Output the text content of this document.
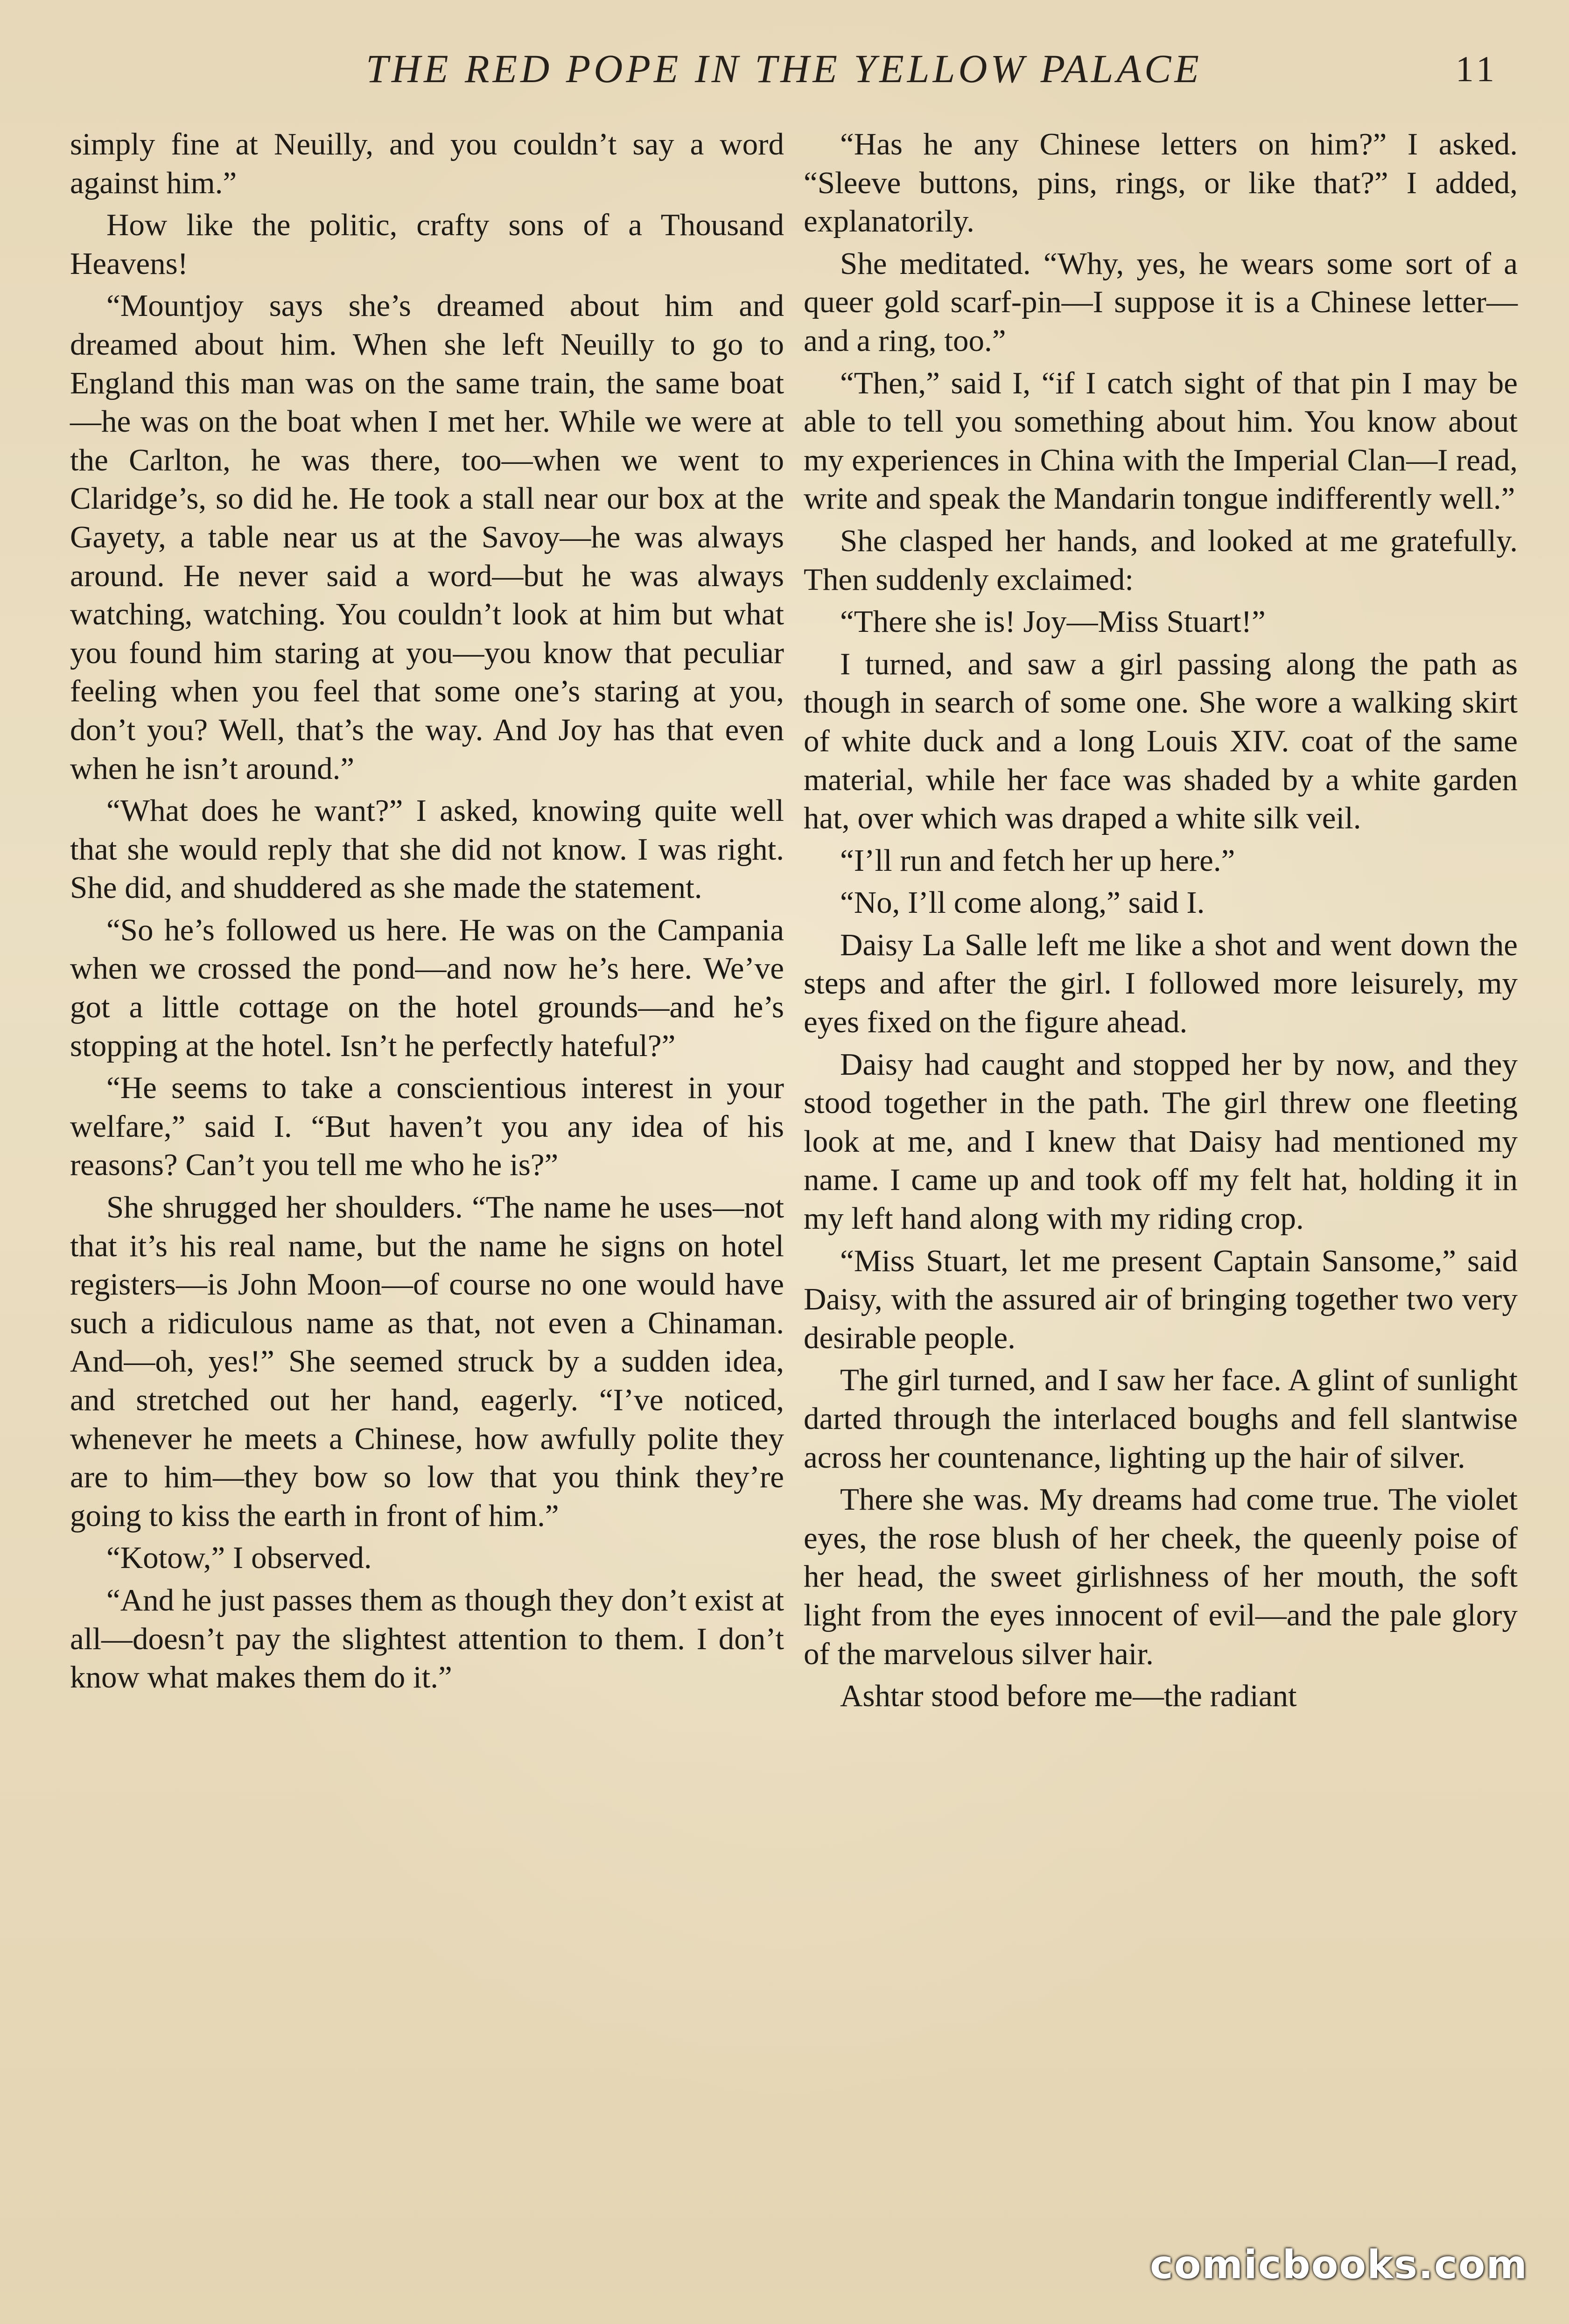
THE RED POPE IN THE YELLOW PALACE	11

simply fine at Neuilly, and you couldn’t say a word against him.”

How like the politic, crafty sons of a Thousand Heavens!

“Mountjoy says she’s dreamed about him and dreamed about him. When she left Neuilly to go to England this man was on the same train, the same boat—he was on the boat when I met her. While we were at the Carlton, he was there, too—when we went to Claridge’s, so did he. He took a stall near our box at the Gayety, a table near us at the Savoy—he was always around. He never said a word—but he was always watching, watching. You couldn’t look at him but what you found him staring at you—you know that peculiar feeling when you feel that some one’s staring at you, don’t you? Well, that’s the way. And Joy has that even when he isn’t around.”

“What does he want?” I asked, knowing quite well that she would reply that she did not know. I was right. She did, and shuddered as she made the statement.

“So he’s followed us here. He was on the Campania when we crossed the pond—and now he’s here. We’ve got a little cottage on the hotel grounds—and he’s stopping at the hotel. Isn’t he perfectly hateful?”

“He seems to take a conscientious interest in your welfare,” said I. “But haven’t you any idea of his reasons? Can’t you tell me who he is?”

She shrugged her shoulders. “The name he uses—not that it’s his real name, but the name he signs on hotel registers—is John Moon—of course no one would have such a ridiculous name as that, not even a Chinaman. And—oh, yes!” She seemed struck by a sudden idea, and stretched out her hand, eagerly. “I’ve noticed, whenever he meets a Chinese, how awfully polite they are to him—they bow so low that you think they’re going to kiss the earth in front of him.”

“Kotow,” I observed.

“And he just passes them as though they don’t exist at all—doesn’t pay the slightest attention to them. I don’t know what makes them do it.”

“Has he any Chinese letters on him?” I asked. “Sleeve buttons, pins, rings, or like that?” I added, explanatorily.

She meditated. “Why, yes, he wears some sort of a queer gold scarf-pin—I suppose it is a Chinese letter—and a ring, too.”

“Then,” said I, “if I catch sight of that pin I may be able to tell you something about him. You know about my experiences in China with the Imperial Clan—I read, write and speak the Mandarin tongue indifferently well.”

She clasped her hands, and looked at me gratefully. Then suddenly exclaimed:

“There she is! Joy—Miss Stuart!”

I turned, and saw a girl passing along the path as though in search of some one. She wore a walking skirt of white duck and a long Louis XIV. coat of the same material, while her face was shaded by a white garden hat, over which was draped a white silk veil.

“I’ll run and fetch her up here.”

“No, I’ll come along,” said I.

Daisy La Salle left me like a shot and went down the steps and after the girl. I followed more leisurely, my eyes fixed on the figure ahead.

Daisy had caught and stopped her by now, and they stood together in the path. The girl threw one fleeting look at me, and I knew that Daisy had mentioned my name. I came up and took off my felt hat, holding it in my left hand along with my riding crop.

“Miss Stuart, let me present Captain Sansome,” said Daisy, with the assured air of bringing together two very desirable people.

The girl turned, and I saw her face. A glint of sunlight darted through the interlaced boughs and fell slantwise across her countenance, lighting up the hair of silver.

There she was. My dreams had come true. The violet eyes, the rose blush of her cheek, the queenly poise of her head, the sweet girlishness of her mouth, the soft light from the eyes innocent of evil—and the pale glory of the marvelous silver hair.

Ashtar stood before me—the radiant

comicbooks.com
